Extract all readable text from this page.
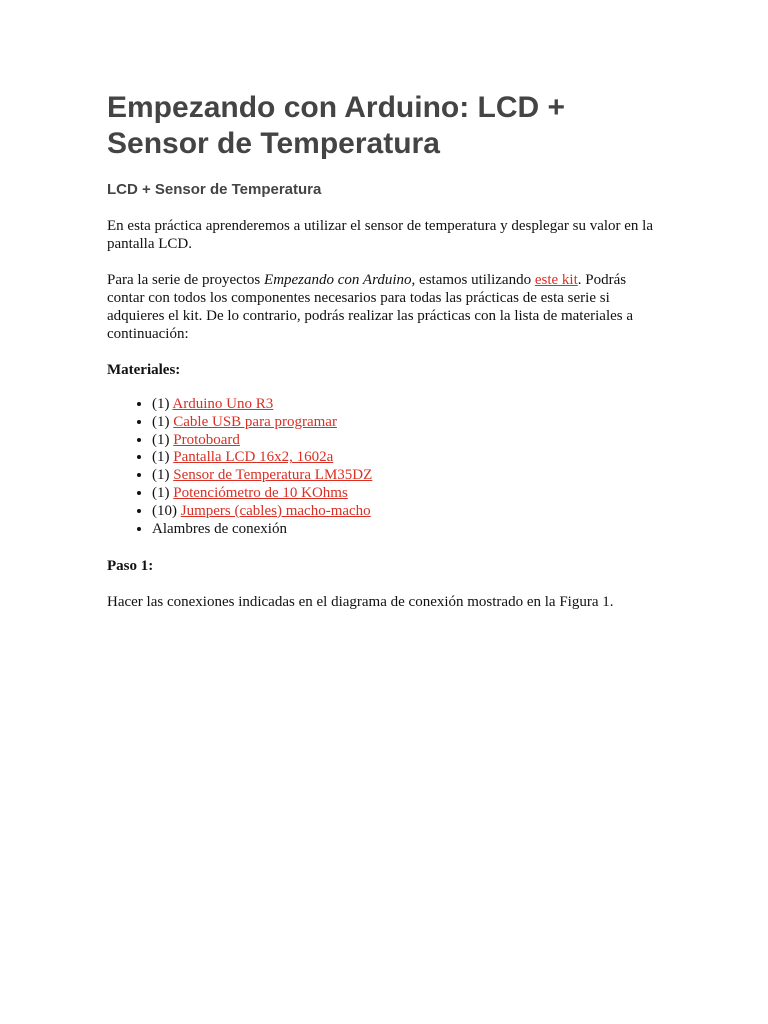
Empezando con Arduino: LCD + Sensor de Temperatura
LCD + Sensor de Temperatura

En esta práctica aprenderemos a utilizar el sensor de temperatura y desplegar su valor en la pantalla LCD.

Para la serie de proyectos Empezando con Arduino, estamos utilizando este kit. Podrás contar con todos los componentes necesarios para todas las prácticas de esta serie si adquieres el kit. De lo contrario, podrás realizar las prácticas con la lista de materiales a continuación:

Materiales:

• (1) Arduino Uno R3
• (1) Cable USB para programar
• (1) Protoboard
• (1) Pantalla LCD 16x2, 1602a
• (1) Sensor de Temperatura LM35DZ
• (1) Potenciómetro de 10 KOhms
• (10) Jumpers (cables) macho-macho
• Alambres de conexión

Paso 1:

Hacer las conexiones indicadas en el diagrama de conexión mostrado en la Figura 1.
